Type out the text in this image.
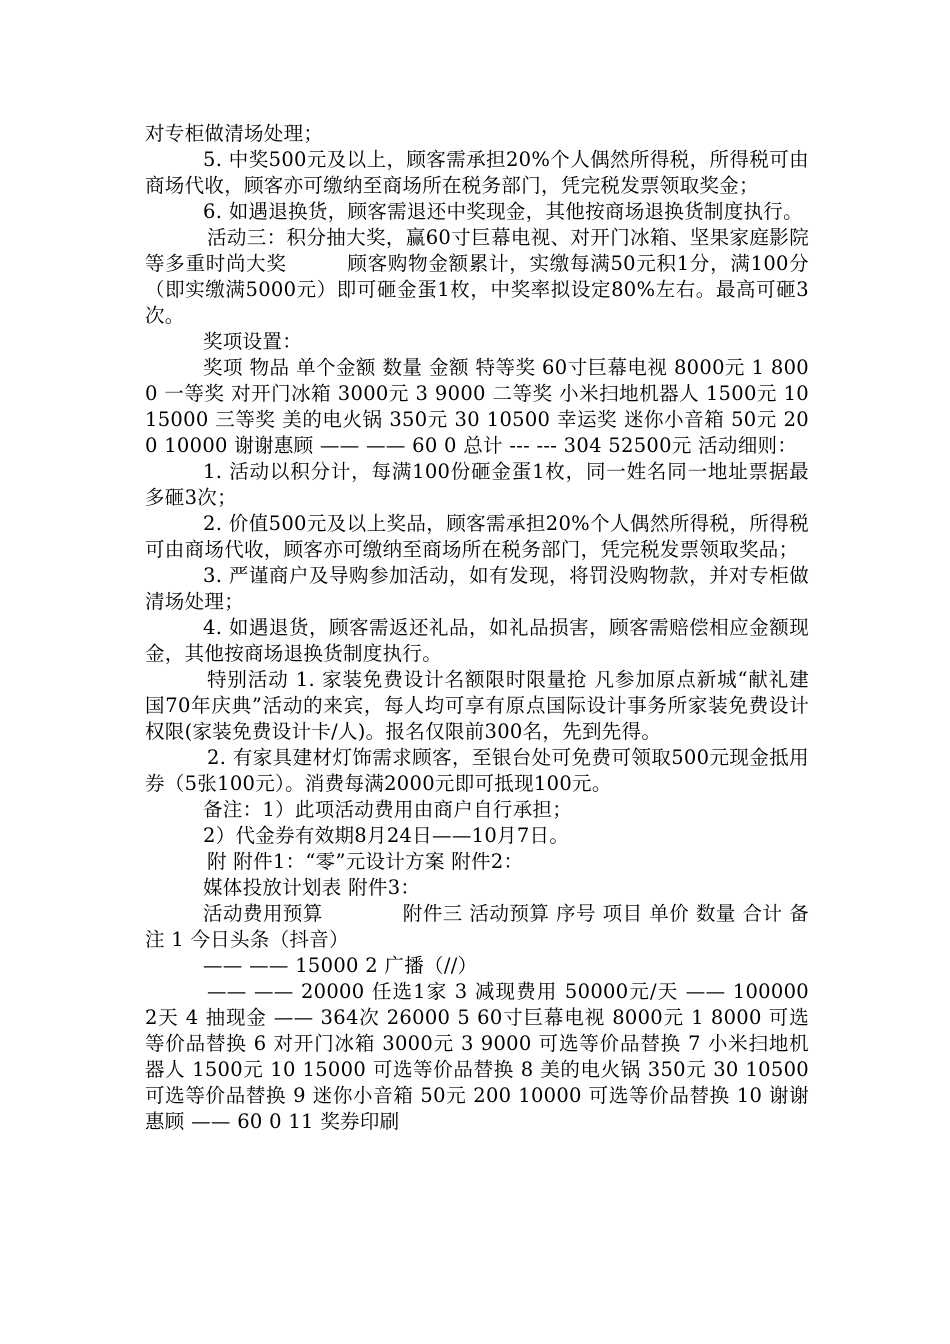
对专柜做清场处理；

5. 中奖500元及以上，顾客需承担20%个人偶然所得税，所得税可由商场代收，顾客亦可缴纳至商场所在税务部门，凭完税发票领取奖金；

6. 如遇退换货，顾客需退还中奖现金，其他按商场退换货制度执行。

活动三：积分抽大奖，赢60寸巨幕电视、对开门冰箱、坚果家庭影院等多重时尚大奖　　　顾客购物金额累计，实缴每满50元积1分，满100分（即实缴满5000元）即可砸金蛋1枚，中奖率拟设定80%左右。最高可砸3次。

奖项设置：

奖项 物品 单个金额 数量 金额 特等奖 60寸巨幕电视 8000元 1 8000 一等奖 对开门冰箱 3000元 3 9000 二等奖 小米扫地机器人 1500元 10 15000 三等奖 美的电火锅 350元 30 10500 幸运奖 迷你小音箱 50元 200 10000 谢谢惠顾 —— —— 60 0 总计 --- --- 304 52500元 活动细则：

1. 活动以积分计，每满100份砸金蛋1枚，同一姓名同一地址票据最多砸3次；

2. 价值500元及以上奖品，顾客需承担20%个人偶然所得税，所得税可由商场代收，顾客亦可缴纳至商场所在税务部门，凭完税发票领取奖品；

3. 严谨商户及导购参加活动，如有发现，将罚没购物款，并对专柜做清场处理；

4. 如遇退货，顾客需返还礼品，如礼品损害，顾客需赔偿相应金额现金，其他按商场退换货制度执行。

特别活动 1. 家装免费设计名额限时限量抢 凡参加原点新城“献礼建国70年庆典”活动的来宾，每人均可享有原点国际设计事务所家装免费设计权限(家装免费设计卡/人)。报名仅限前300名，先到先得。

2. 有家具建材灯饰需求顾客，至银台处可免费可领取500元现金抵用券（5张100元）。消费每满2000元即可抵现100元。

备注：1）此项活动费用由商户自行承担；

2）代金券有效期8月24日——10月7日。

附 附件1：“零”元设计方案 附件2：

媒体投放计划表 附件3：

活动费用预算　　　　附件三 活动预算 序号 项目 单价 数量 合计 备注 1 今日头条（抖音）

—— —— 15000 2 广播（//）

—— —— 20000 任选1家 3 减现费用 50000元/天 —— 100000 2天 4 抽现金 —— 364次 26000 5 60寸巨幕电视 8000元 1 8000 可选等价品替换 6 对开门冰箱 3000元 3 9000 可选等价品替换 7 小米扫地机器人 1500元 10 15000 可选等价品替换 8 美的电火锅 350元 30 10500 可选等价品替换 9 迷你小音箱 50元 200 10000 可选等价品替换 10 谢谢惠顾 —— 60 0 11 奖券印刷
